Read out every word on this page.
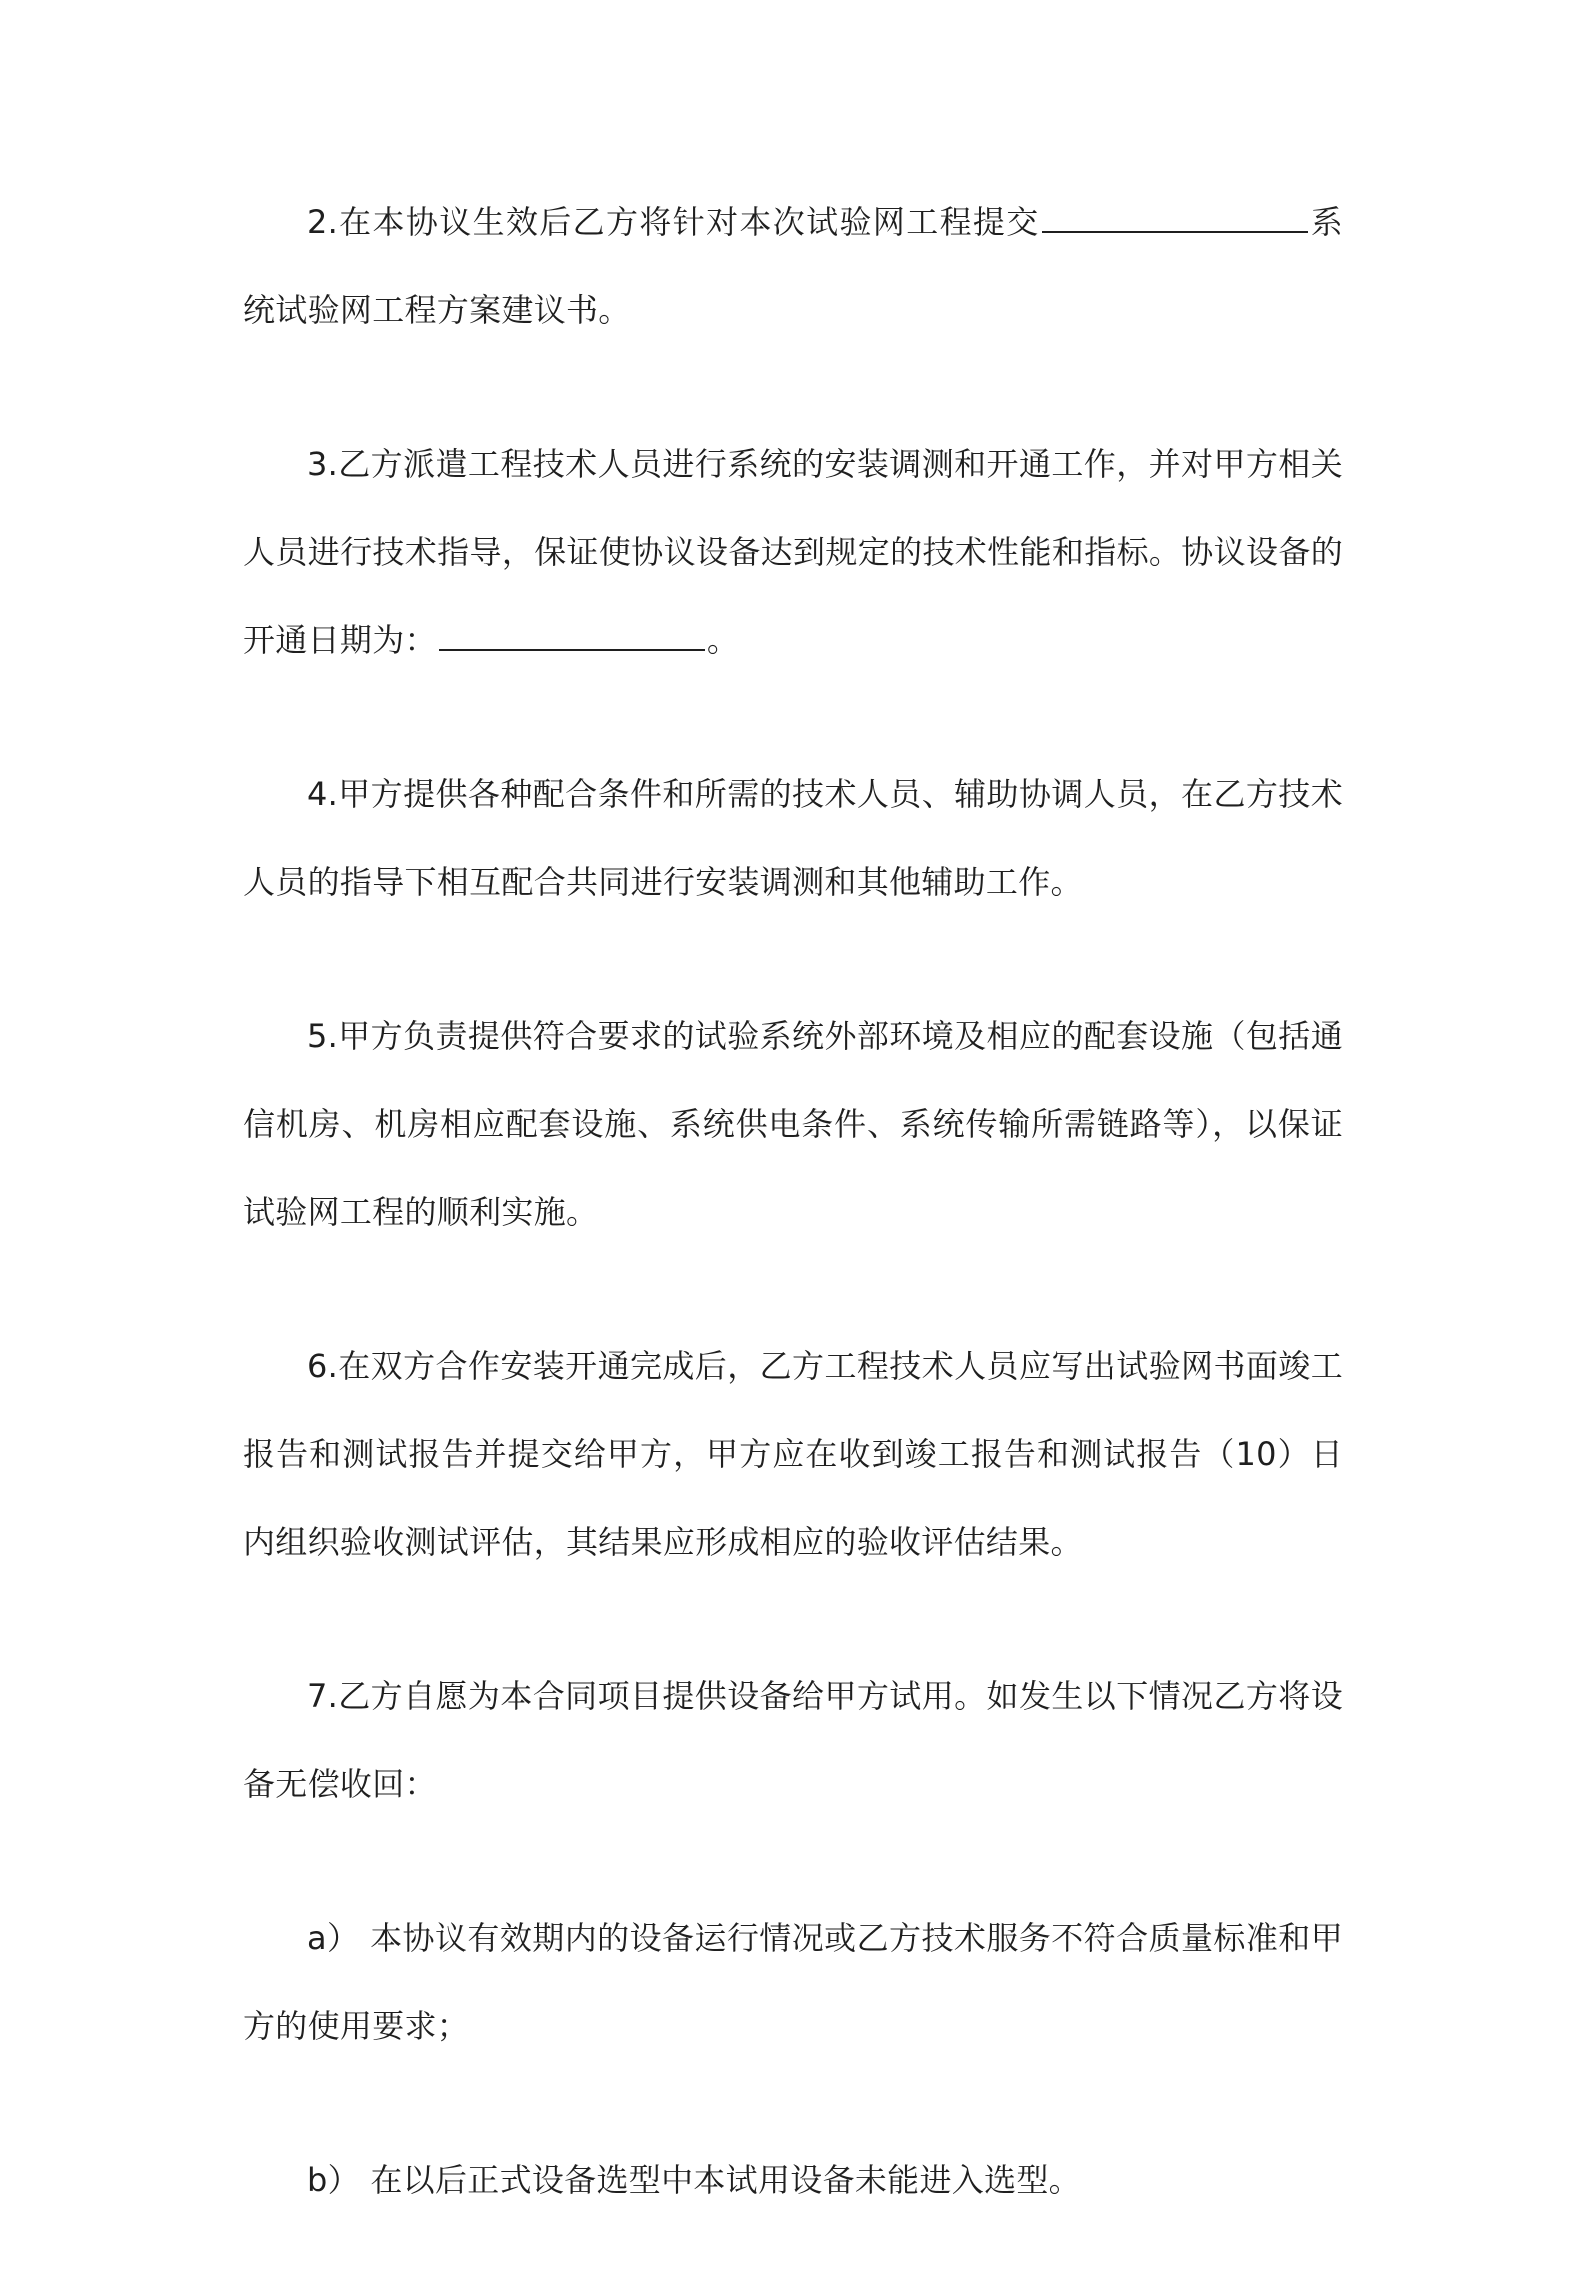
2.在本协议生效后乙方将针对本次试验网工程提交	系统试验网工程方案建议书。

3.乙方派遣工程技术人员进行系统的安装调测和开通工作，并对甲方相关人员进行技术指导，保证使协议设备达到规定的技术性能和指标。协议设备的开通日期为：	。

4.甲方提供各种配合条件和所需的技术人员、辅助协调人员，在乙方技术人员的指导下相互配合共同进行安装调测和其他辅助工作。

5.甲方负责提供符合要求的试验系统外部环境及相应的配套设施（包括通信机房、机房相应配套设施、系统供电条件、系统传输所需链路等），以保证试验网工程的顺利实施。

6.在双方合作安装开通完成后，乙方工程技术人员应写出试验网书面竣工报告和测试报告并提交给甲方，甲方应在收到竣工报告和测试报告（10）日内组织验收测试评估，其结果应形成相应的验收评估结果。

7.乙方自愿为本合同项目提供设备给甲方试用。如发生以下情况乙方将设备无偿收回：

a） 本协议有效期内的设备运行情况或乙方技术服务不符合质量标准和甲方的使用要求；

b） 在以后正式设备选型中本试用设备未能进入选型。
